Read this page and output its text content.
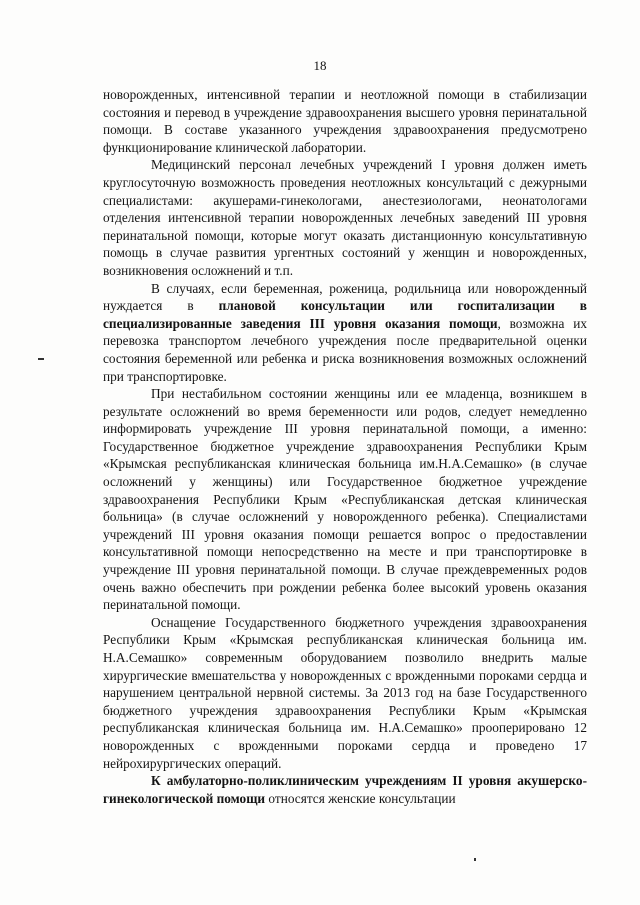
18

новорожденных, интенсивной терапии и неотложной помощи в стабилизации состояния и перевод в учреждение здравоохранения высшего уровня перинатальной помощи. В составе указанного учреждения здравоохранения предусмотрено функционирование клинической лаборатории.

Медицинский персонал лечебных учреждений I уровня должен иметь круглосуточную возможность проведения неотложных консультаций с дежурными специалистами: акушерами-гинекологами, анестезиологами, неонатологами отделения интенсивной терапии новорожденных лечебных заведений III уровня перинатальной помощи, которые могут оказать дистанционную консультативную помощь в случае развития ургентных состояний у женщин и новорожденных, возникновения осложнений и т.п.

В случаях, если беременная, роженица, родильница или новорожденный нуждается в плановой консультации или госпитализации в специализированные заведения III уровня оказания помощи, возможна их перевозка транспортом лечебного учреждения после предварительной оценки состояния беременной или ребенка и риска возникновения возможных осложнений при транспортировке.

При нестабильном состоянии женщины или ее младенца, возникшем в результате осложнений во время беременности или родов, следует немедленно информировать учреждение III уровня перинатальной помощи, а именно: Государственное бюджетное учреждение здравоохранения Республики Крым «Крымская республиканская клиническая больница им.Н.А.Семашко» (в случае осложнений у женщины) или Государственное бюджетное учреждение здравоохранения Республики Крым «Республиканская детская клиническая больница» (в случае осложнений у новорожденного ребенка). Специалистами учреждений III уровня оказания помощи решается вопрос о предоставлении консультативной помощи непосредственно на месте и при транспортировке в учреждение III уровня перинатальной помощи. В случае преждевременных родов очень важно обеспечить при рождении ребенка более высокий уровень оказания перинатальной помощи.

Оснащение Государственного бюджетного учреждения здравоохранения Республики Крым «Крымская республиканская клиническая больница им. Н.А.Семашко» современным оборудованием позволило внедрить малые хирургические вмешательства у новорожденных с врожденными пороками сердца и нарушением центральной нервной системы. За 2013 год на базе Государственного бюджетного учреждения здравоохранения Республики Крым «Крымская республиканская клиническая больница им. Н.А.Семашко» прооперировано 12 новорожденных с врожденными пороками сердца и проведено 17 нейрохирургических операций.

К амбулаторно-поликлиническим учреждениям II уровня акушерско-гинекологической помощи относятся женские консультации
